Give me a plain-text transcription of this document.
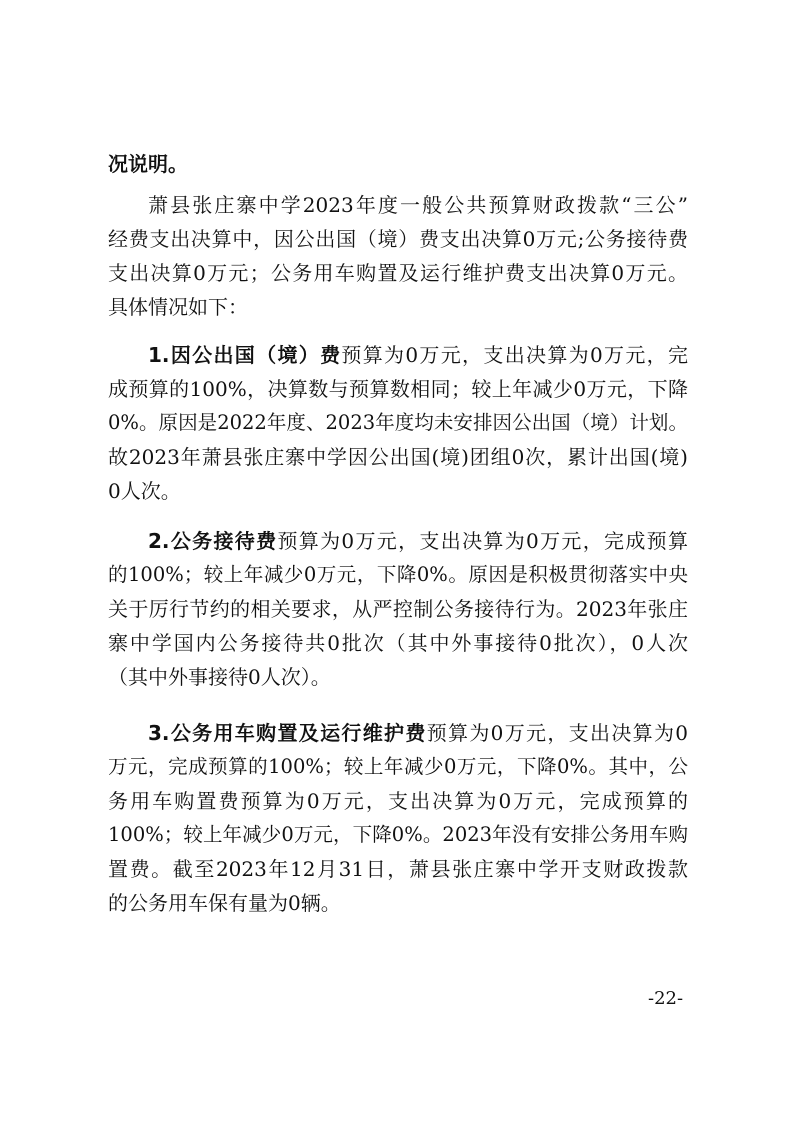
况说明。
萧县张庄寨中学2023年度一般公共预算财政拨款“三公”
经费支出决算中，因公出国（境）费支出决算0万元;公务接待费
支出决算0万元；公务用车购置及运行维护费支出决算0万元。
具体情况如下：
1.因公出国（境）费预算为0万元，支出决算为0万元，完
成预算的100%，决算数与预算数相同；较上年减少0万元，下降
0%。原因是2022年度、2023年度均未安排因公出国（境）计划。
故2023年萧县张庄寨中学因公出国(境)团组0次，累计出国(境)
0人次。
2.公务接待费预算为0万元，支出决算为0万元，完成预算
的100%；较上年减少0万元，下降0%。原因是积极贯彻落实中央
关于厉行节约的相关要求，从严控制公务接待行为。2023年张庄
寨中学国内公务接待共0批次（其中外事接待0批次），0人次
（其中外事接待0人次）。
3.公务用车购置及运行维护费预算为0万元，支出决算为0
万元，完成预算的100%；较上年减少0万元，下降0%。其中，公
务用车购置费预算为0万元，支出决算为0万元，完成预算的
100%；较上年减少0万元，下降0%。2023年没有安排公务用车购
置费。截至2023年12月31日，萧县张庄寨中学开支财政拨款
的公务用车保有量为0辆。
-22-
